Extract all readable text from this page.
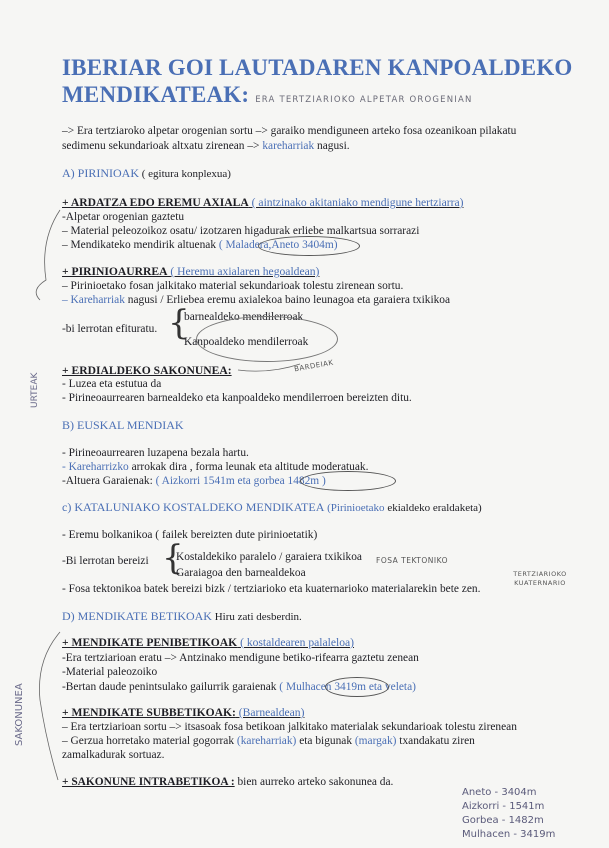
IBERIAR GOI LAUTADAREN KANPOALDEKO
MENDIKATEAK: ERA TERTZIARIOKO ALPETAR OROGENIAN
–> Era tertziaroko alpetar orogenian sortu –> garaiko mendiguneen arteko fosa ozeanikoan pilakatu
sedimenu sekundarioak altxatu zirenean –> kareharriak nagusi.
A) PIRINIOAK ( egitura konplexua)
+ ARDATZA EDO EREMU AXIALA ( aintzinako akitaniako mendigune hertziarra)
-Alpetar orogenian gaztetu
– Material peleozoikoz osatu/ izotzaren higadurak erliebe malkartsua sorrarazi
– Mendikateko mendirik altuenak ( Maladera,Aneto 3404m)
+ PIRINIOAURREA ( Heremu axialaren hegoaldean)
– Pirinioetako fosan jalkitako material sekundarioak tolestu zirenean sortu.
– Kareharriak nagusi / Erliebea eremu axialekoa baino leunagoa eta garaiera txikikoa
-bi lerrotan efituratu. {
barnealdeko mendilerroak
Kanpoaldeko mendilerroak
+ ERDIALDEKO SAKONUNEA:	BARDEIAK
- Luzea eta estutua da
- Pirineoaurrearen barnealdeko eta kanpoaldeko mendilerroen bereizten ditu.
B) EUSKAL MENDIAK
- Pirineoaurrearen luzapena bezala hartu.
- Kareharrizko arrokak dira , forma leunak eta altitude moderatuak.
-Altuera Garaienak: ( Aizkorri 1541m eta gorbea 1482m )
c) KATALUNIAKO KOSTALDEKO MENDIKATEA (Pirinioetako ekialdeko eraldaketa)
- Eremu bolkanikoa ( failek bereizten dute pirinioetatik)
-Bi lerrotan bereizi {
Kostaldekiko paralelo / garaiera txikikoa
Garaiagoa den barnealdekoa
FOSA TEKTONIKO
TERTZIARIOKO KUATERNARIO
- Fosa tektonikoa batek bereizi bizk / tertziarioko eta kuaternarioko materialarekin bete zen.
D) MENDIKATE BETIKOAK Hiru zati desberdin.
+ MENDIKATE PENIBETIKOAK ( kostaldearen palaleloa)
-Era tertziarioan eratu –> Antzinako mendigune betiko-rifearra gaztetu zenean
-Material paleozoiko
-Bertan daude penintsulako gailurrik garaienak ( Mulhacen 3419m eta veleta)
+ MENDIKATE SUBBETIKOAK: (Barnealdean)
– Era tertziarioan sortu –> itsasoak fosa betikoan jalkitako materialak sekundarioak tolestu zirenean
– Gerzua horretako material gogorrak (kareharriak) eta bigunak (margak) txandakatu ziren
zamalkadurak sortuaz.
+ SAKONUNE INTRABETIKOA : bien aurreko arteko sakonunea da.
URTEAK
SAKONUNEA
Aneto - 3404m
Aizkorri - 1541m
Gorbea - 1482m
Mulhacen - 3419m
